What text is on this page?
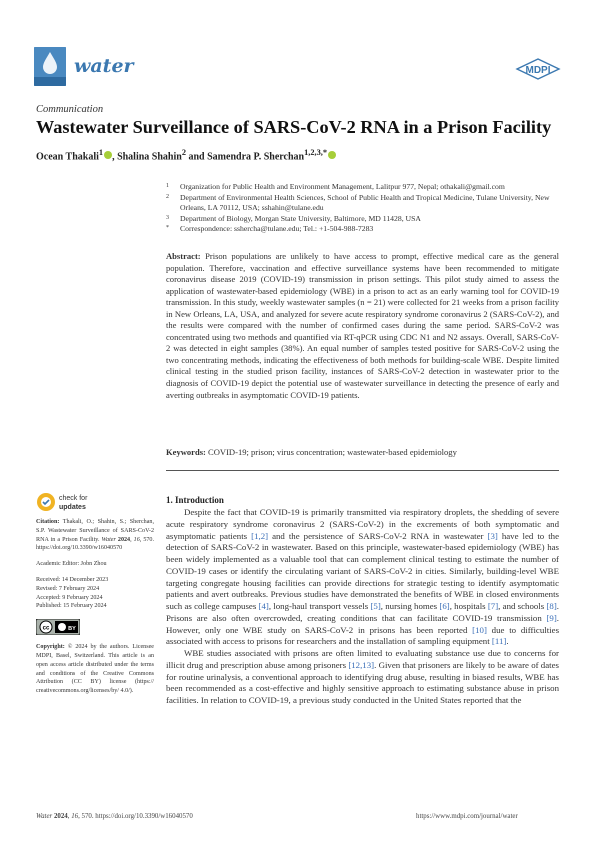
water	MDPI
Communication
Wastewater Surveillance of SARS-CoV-2 RNA in a Prison Facility
Ocean Thakali$^1$ , Shalina Shahin$^2$ and Samendra P. Sherchan$^{1,2,3,*}$
1 Organization for Public Health and Environment Management, Lalitpur 977, Nepal; othakali@gmail.com
2 Department of Environmental Health Sciences, School of Public Health and Tropical Medicine, Tulane University, New Orleans, LA 70112, USA; sshahin@tulane.edu
3 Department of Biology, Morgan State University, Baltimore, MD 11428, USA
* Correspondence: sshercha@tulane.edu; Tel.: +1-504-988-7283
Abstract: Prison populations are unlikely to have access to prompt, effective medical care as the general population. Therefore, vaccination and effective surveillance systems have been recommended to mitigate coronavirus disease 2019 (COVID-19) transmission in prison settings. This pilot study aimed to assess the application of wastewater-based epidemiology (WBE) in a prison to act as an early warning tool for COVID-19 transmission. In this study, weekly wastewater samples (n = 21) were collected for 21 weeks from a prison facility in New Orleans, LA, USA, and analyzed for severe acute respiratory syndrome coronavirus 2 (SARS-CoV-2), and the results were compared with the number of confirmed cases during the same period. SARS-CoV-2 was concentrated using two methods and quantified via RT-qPCR using CDC N1 and N2 assays. Overall, SARS-CoV-2 was detected in eight samples (38%). An equal number of samples tested positive for SARS-CoV-2 using the two concentrating methods, indicating the effectiveness of both methods for building-scale WBE. Despite limited clinical testing in the studied prison facility, instances of SARS-CoV-2 detection in wastewater prior to the diagnosis of COVID-19 depict the potential use of wastewater surveillance in detecting the presence of early and averting outbreaks in asymptomatic COVID-19 patients.
Keywords: COVID-19; prison; virus concentration; wastewater-based epidemiology
check for
updates

Citation: Thakali, O.; Shahin, S.; Sherchan, S.P. Wastewater Surveillance of SARS-CoV-2 RNA in a Prison Facility. Water 2024, 16, 570. https://doi.org/10.3390/w16040570

Academic Editor: Jobn Zhou

Received: 14 December 2023

Revised: 7 February 2024

Accepted: 9 February 2024

Published: 15 February 2024

cc	BY

Copyright: © 2024 by the authors. Licensee MDPI, Basel, Switzerland. This article is an open access article distributed under the terms and conditions of the Creative Commons Attribution (CC BY) license (https:// creativecommons.org/licenses/by/ 4.0/).

1. Introduction

Despite the fact that COVID-19 is primarily transmitted via respiratory droplets, the shedding of severe acute respiratory syndrome coronavirus 2 (SARS-CoV-2) in the excrements of both symptomatic and asymptomatic patients [1,2] and the persistence of SARS-CoV-2 RNA in wastewater [3] have led to the detection of SARS-CoV-2 in wastewater. Based on this principle, wastewater-based epidemiology (WBE) has been widely implemented as a valuable tool that can complement clinical testing to estimate the number of COVID-19 cases or identify the circulating variant of SARS-CoV-2 in cities. Similarly, building-level WBE targeting congregate housing facilities can provide directions for strategic testing to identify asymptomatic patients and avert outbreaks. Previous studies have demonstrated the benefits of WBE in closed environments such as college campuses [4], long-haul transport vessels [5], nursing homes [6], hospitals [7], and schools [8]. Prisons are also often overcrowded, creating conditions that can facilitate COVID-19 transmission [9]. However, only one WBE study on SARS-CoV-2 in prisons has been reported [10] due to difficulties associated with access to prisons for researchers and the installation of sampling equipment [11].

WBE studies associated with prisons are often limited to evaluating substance use due to concerns for illicit drug and prescription abuse among prisoners [12,13]. Given that prisoners are likely to be aware of dates for routine urinalysis, a conventional approach to identifying drug abuse, resulting in biased results, WBE has been recommended as a cost-effective and highly sensitive approach to estimating substance abuse in prison facilities. In relation to COVID-19, a previous study conducted in the United States reported that the

Water 2024, 16, 570. https://doi.org/10.3390/w16040570	https://www.mdpi.com/journal/water
